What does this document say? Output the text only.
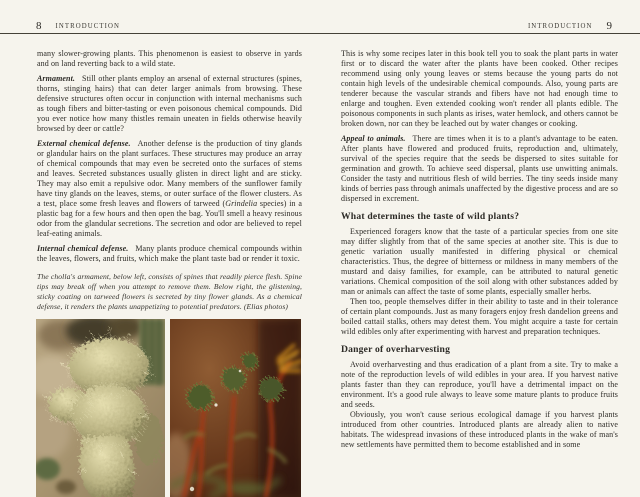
8 INTRODUCTION	INTRODUCTION 9

many slower-growing plants. This phenomenon is easiest to observe in yards and on land reverting back to a wild state.

Armament. Still other plants employ an arsenal of external structures (spines, thorns, stinging hairs) that can deter larger animals from browsing. These defensive structures often occur in conjunction with internal mechanisms such as tough fibers and bitter-tasting or even poisonous chemical compounds. Did you ever notice how many thistles remain uneaten in fields otherwise heavily browsed by deer or cattle?

External chemical defense. Another defense is the production of tiny glands or glandular hairs on the plant surfaces. These structures may produce an array of chemical compounds that may even be secreted onto the surfaces of stems and leaves. Secreted substances usually glisten in direct light and are sticky. They may also emit a repulsive odor. Many members of the sunflower family have tiny glands on the leaves, stems, or outer surface of the flower clusters. As a test, place some fresh leaves and flowers of tarweed (Grindelia species) in a plastic bag for a few hours and then open the bag. You'll smell a heavy resinous odor from the glandular secretions. The secretion and odor are believed to repel leaf-eating animals.

Internal chemical defense. Many plants produce chemical compounds within the leaves, flowers, and fruits, which make the plant taste bad or render it toxic.

The cholla's armament, below left, consists of spines that readily pierce flesh. Spine tips may break off when you attempt to remove them. Below right, the glistening, sticky coating on tarweed flowers is secreted by tiny flower glands. As a chemical defense, it renders the plants unappetizing to potential predators. (Elias photos)

This is why some recipes later in this book tell you to soak the plant parts in water first or to discard the water after the plants have been cooked. Other recipes recommend using only young leaves or stems because the young parts do not contain high levels of the undesirable chemical compounds. Also, young parts are tenderer because the vascular strands and fibers have not had enough time to enlarge and toughen. Even extended cooking won't render all plants edible. The poisonous components in such plants as irises, water hemlock, and others cannot be broken down, nor can they be leached out by water changes or cooking.

Appeal to animals. There are times when it is to a plant's advantage to be eaten. After plants have flowered and produced fruits, reproduction and, ultimately, survival of the species require that the seeds be dispersed to sites suitable for germination and growth. To achieve seed dispersal, plants use unwitting animals. Consider the tasty and nutritious flesh of wild berries. The tiny seeds inside many kinds of berries pass through animals unaffected by the digestive process and are so dispersed in excrement.

What determines the taste of wild plants?

Experienced foragers know that the taste of a particular species from one site may differ slightly from that of the same species at another site. This is due to genetic variation usually manifested in differing physical or chemical characteristics. Thus, the degree of bitterness or mildness in many members of the mustard and daisy families, for example, can be attributed to natural genetic variations. Chemical composition of the soil along with other substances added by man or animals can affect the taste of some plants, especially smaller herbs.

Then too, people themselves differ in their ability to taste and in their tolerance of certain plant compounds. Just as many foragers enjoy fresh dandelion greens and boiled cattail stalks, others may detest them. You might acquire a taste for certain wild edibles only after experimenting with harvest and preparation techniques.

Danger of overharvesting

Avoid overharvesting and thus eradication of a plant from a site. Try to make a note of the reproduction levels of wild edibles in your area. If you harvest native plants faster than they can reproduce, you'll have a detrimental impact on the environment. It's a good rule always to leave some mature plants to produce fruits and seeds.

Obviously, you won't cause serious ecological damage if you harvest plants introduced from other countries. Introduced plants are already alien to native habitats. The widespread invasions of these introduced plants in the wake of man's new settlements have permitted them to become established and in some
